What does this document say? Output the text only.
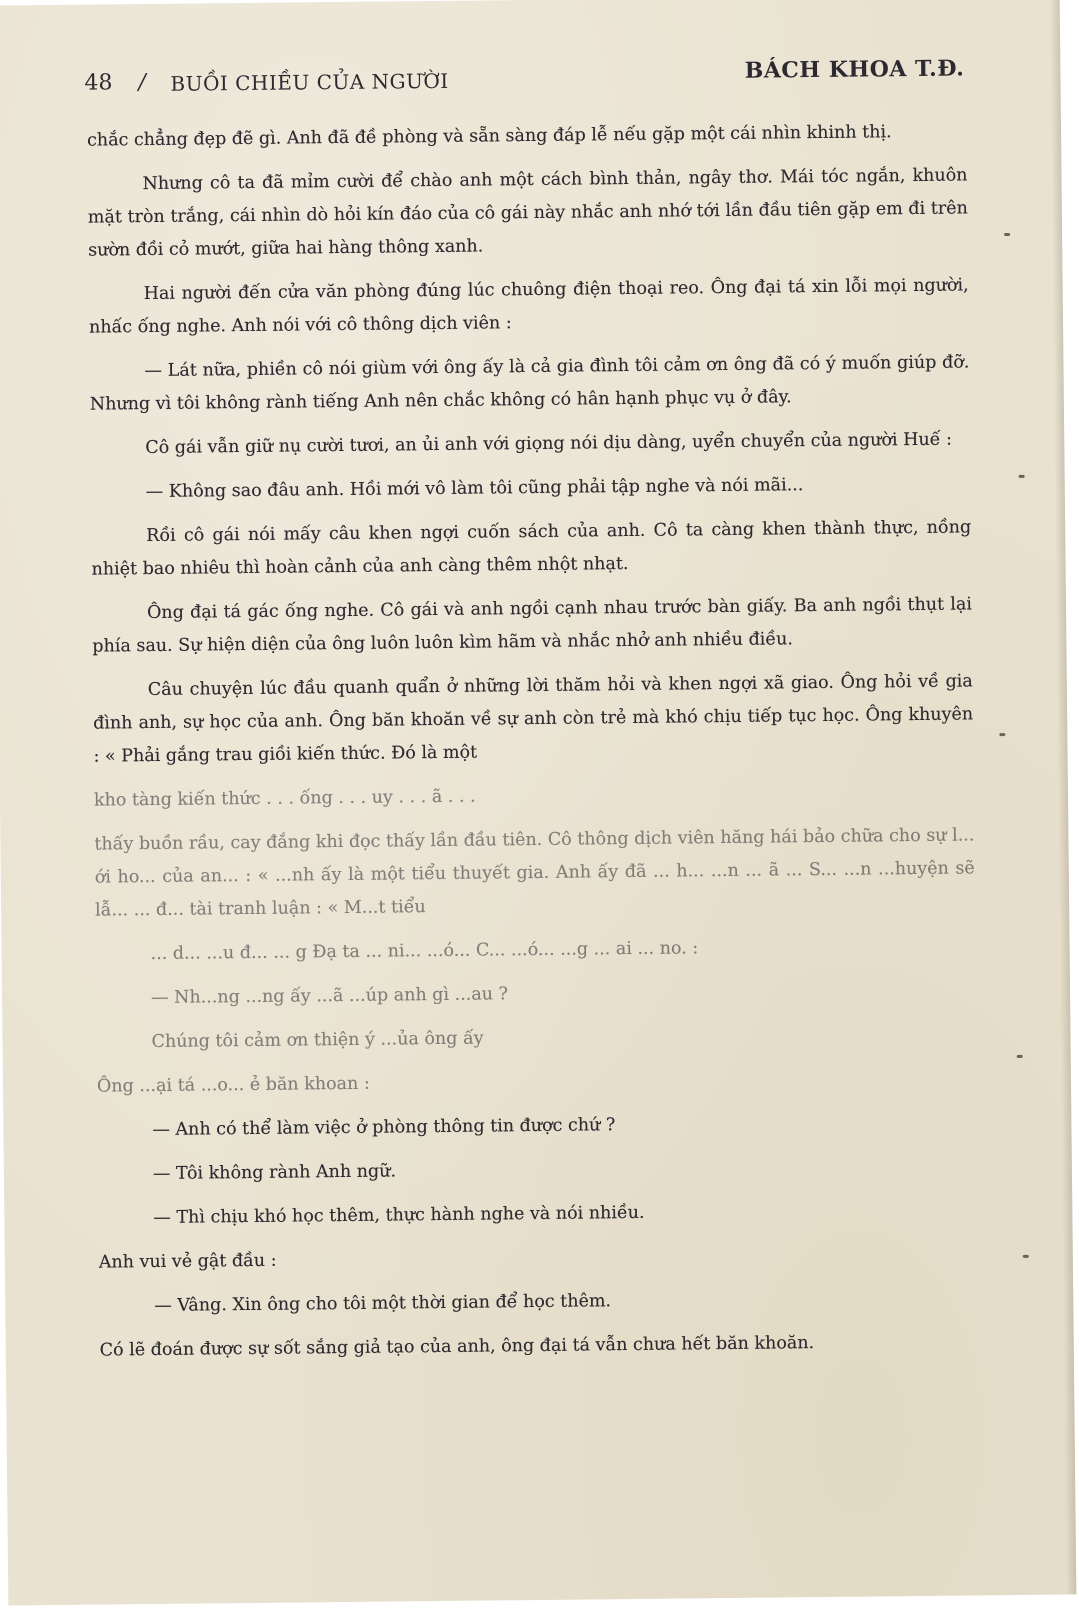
48 / BUỒI CHIỀU CỦA NGƯỜI	BÁCH KHOA T.Đ.

chắc chẳng đẹp đẽ gì. Anh đã đề phòng và sẵn sàng đáp lễ nếu gặp một cái nhìn khinh thị.

Nhưng cô ta đã mỉm cười để chào anh một cách bình thản, ngây thơ. Mái tóc ngắn, khuôn mặt tròn trắng, cái nhìn dò hỏi kín đáo của cô gái này nhắc anh nhớ tới lần đầu tiên gặp em đi trên sườn đồi cỏ mướt, giữa hai hàng thông xanh.

Hai người đến cửa văn phòng đúng lúc chuông điện thoại reo. Ông đại tá xin lỗi mọi người, nhấc ống nghe. Anh nói với cô thông dịch viên :

— Lát nữa, phiền cô nói giùm với ông ấy là cả gia đình tôi cảm ơn ông đã có ý muốn giúp đỡ. Nhưng vì tôi không rành tiếng Anh nên chắc không có hân hạnh phục vụ ở đây.

Cô gái vẫn giữ nụ cười tươi, an ủi anh với giọng nói dịu dàng, uyển chuyển của người Huế :

— Không sao đâu anh. Hồi mới vô làm tôi cũng phải tập nghe và nói mãi...

Rồi cô gái nói mấy câu khen ngợi cuốn sách của anh. Cô ta càng khen thành thực, nồng nhiệt bao nhiêu thì hoàn cảnh của anh càng thêm nhột nhạt.

Ông đại tá gác ống nghe. Cô gái và anh ngồi cạnh nhau trước bàn giấy. Ba anh ngồi thụt lại phía sau. Sự hiện diện của ông luôn luôn kìm hãm và nhắc nhở anh nhiều điều.

Câu chuyện lúc đầu quanh quẩn ở những lời thăm hỏi và khen ngợi xã giao. Ông hỏi về gia đình anh, sự học của anh. Ông băn khoăn về sự anh còn trẻ mà khó chịu tiếp tục học. Ông khuyên : « Phải gắng trau giồi kiến thức. Đó là một

kho tàng kiến thức . . . ống . . . uy . . . ã . . .

thấy buồn rầu, cay đắng khi đọc thấy lần đầu tiên. Cô thông dịch viên hăng hái bảo chữa cho sự l... ới ho... của an... : « ...nh ấy là một tiểu thuyết gia. Anh ấy đã ... h... ...n ... ã ... S... ...n ...huyện sẽ lẫ... ... đ... tài tranh luận : « M...t tiểu

... d... ...u đ... ... g Đạ ta ... ni... ...ó... C... ...ó... ...g ... ai ... no. :

— Nh...ng ...ng ấy ...ã ...úp anh gì ...au ?

Chúng tôi cảm ơn thiện ý ...ủa ông ấy

Ông ...ại tá ...o... ẻ băn khoan :

— Anh có thể làm việc ở phòng thông tin được chứ ?

— Tôi không rành Anh ngữ.

— Thì chịu khó học thêm, thực hành nghe và nói nhiều.

Anh vui vẻ gật đầu :

— Vâng. Xin ông cho tôi một thời gian để học thêm.

Có lẽ đoán được sự sốt sắng giả tạo của anh, ông đại tá vẫn chưa hết băn khoăn.
